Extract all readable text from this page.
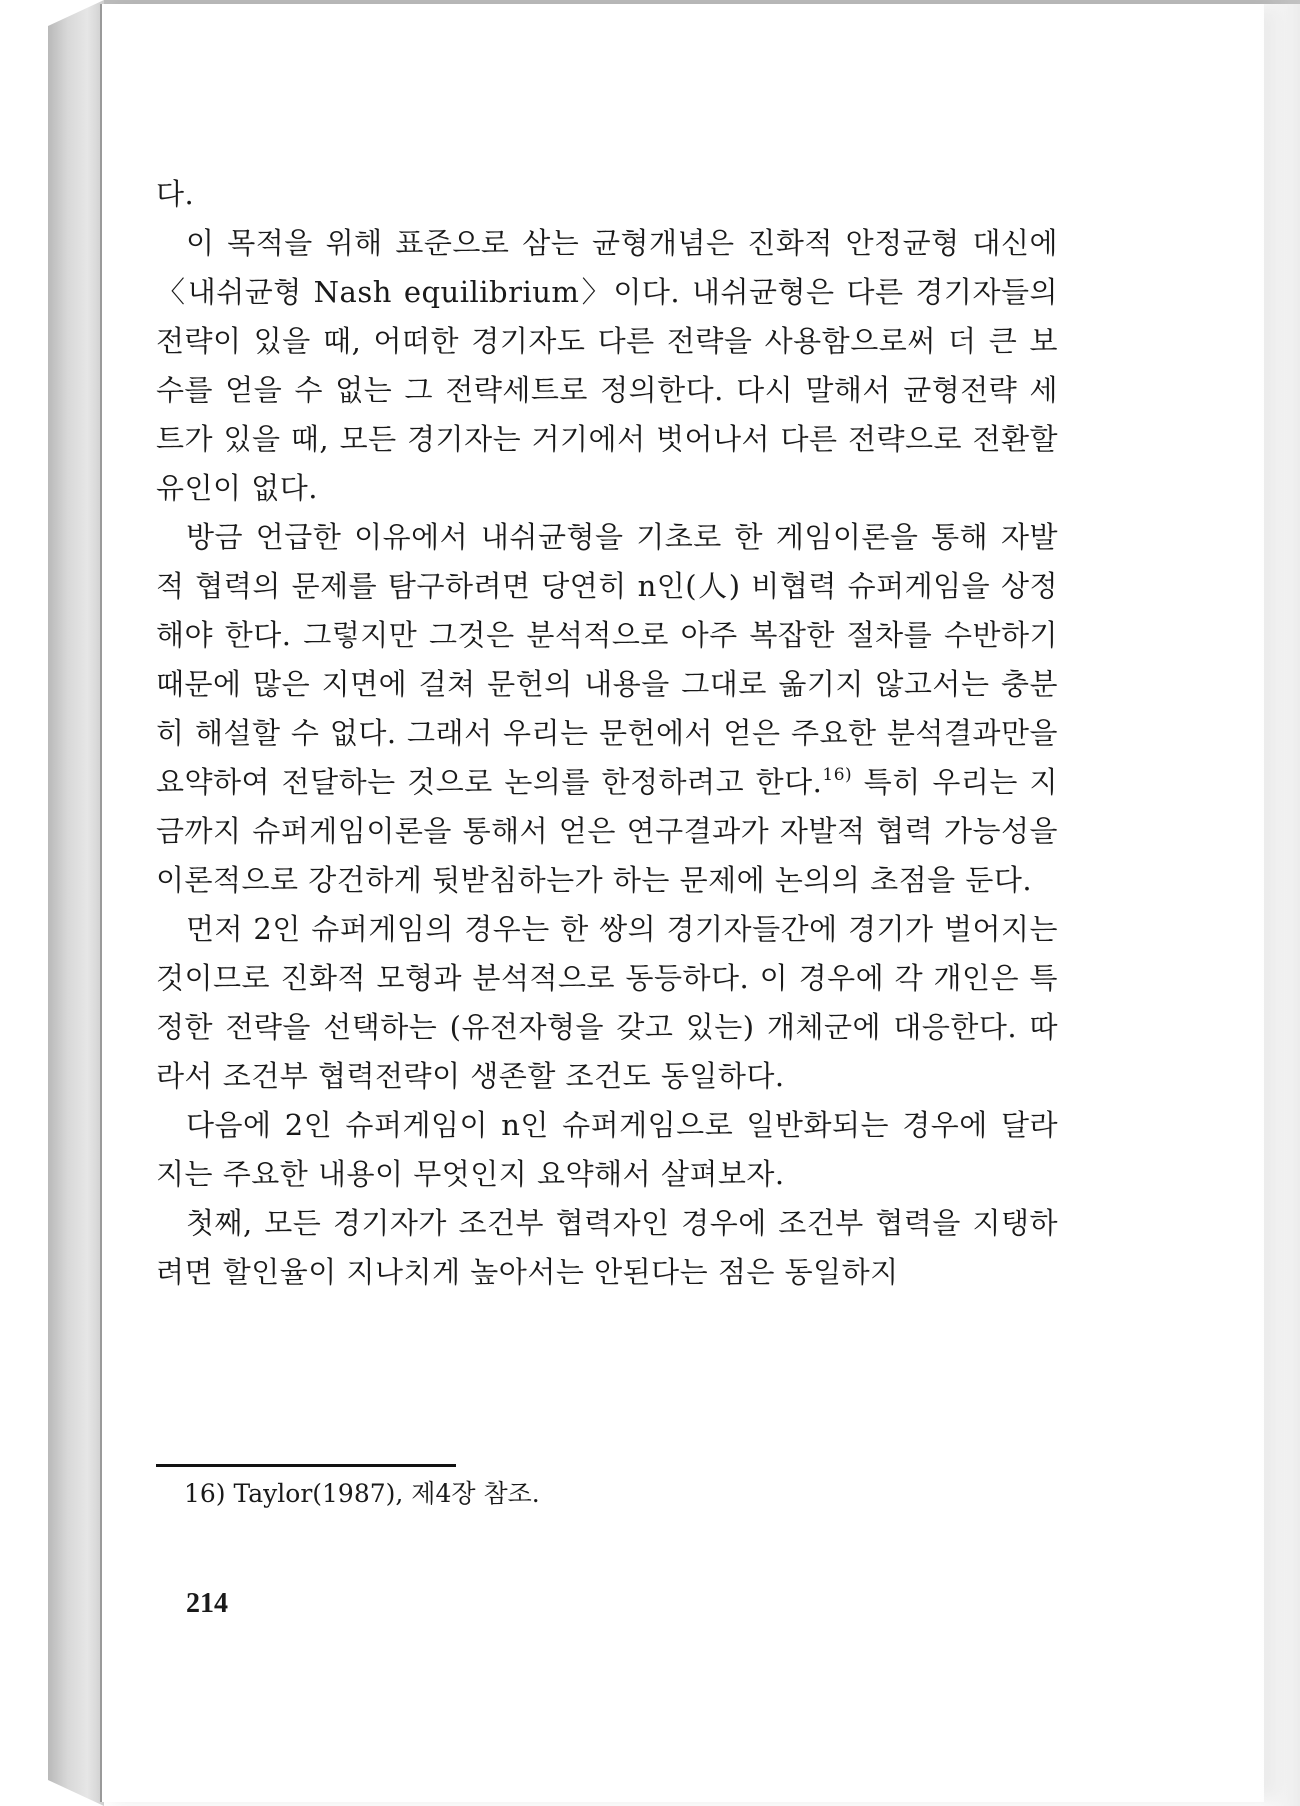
다.

이 목적을 위해 표준으로 삼는 균형개념은 진화적 안정균형 대신에 〈내쉬균형 Nash equilibrium〉이다. 내쉬균형은 다른 경기자들의 전략이 있을 때, 어떠한 경기자도 다른 전략을 사용함으로써 더 큰 보수를 얻을 수 없는 그 전략세트로 정의한다. 다시 말해서 균형전략 세트가 있을 때, 모든 경기자는 거기에서 벗어나서 다른 전략으로 전환할 유인이 없다.

방금 언급한 이유에서 내쉬균형을 기초로 한 게임이론을 통해 자발적 협력의 문제를 탐구하려면 당연히 n인(人) 비협력 슈퍼게임을 상정해야 한다. 그렇지만 그것은 분석적으로 아주 복잡한 절차를 수반하기 때문에 많은 지면에 걸쳐 문헌의 내용을 그대로 옮기지 않고서는 충분히 해설할 수 없다. 그래서 우리는 문헌에서 얻은 주요한 분석결과만을 요약하여 전달하는 것으로 논의를 한정하려고 한다.$^{16)}$ 특히 우리는 지금까지 슈퍼게임이론을 통해서 얻은 연구결과가 자발적 협력 가능성을 이론적으로 강건하게 뒷받침하는가 하는 문제에 논의의 초점을 둔다.

먼저 2인 슈퍼게임의 경우는 한 쌍의 경기자들간에 경기가 벌어지는 것이므로 진화적 모형과 분석적으로 동등하다. 이 경우에 각 개인은 특정한 전략을 선택하는 (유전자형을 갖고 있는) 개체군에 대응한다. 따라서 조건부 협력전략이 생존할 조건도 동일하다.

다음에 2인 슈퍼게임이 n인 슈퍼게임으로 일반화되는 경우에 달라지는 주요한 내용이 무엇인지 요약해서 살펴보자.

첫째, 모든 경기자가 조건부 협력자인 경우에 조건부 협력을 지탱하려면 할인율이 지나치게 높아서는 안된다는 점은 동일하지

16) Taylor(1987), 제4장 참조.
214
